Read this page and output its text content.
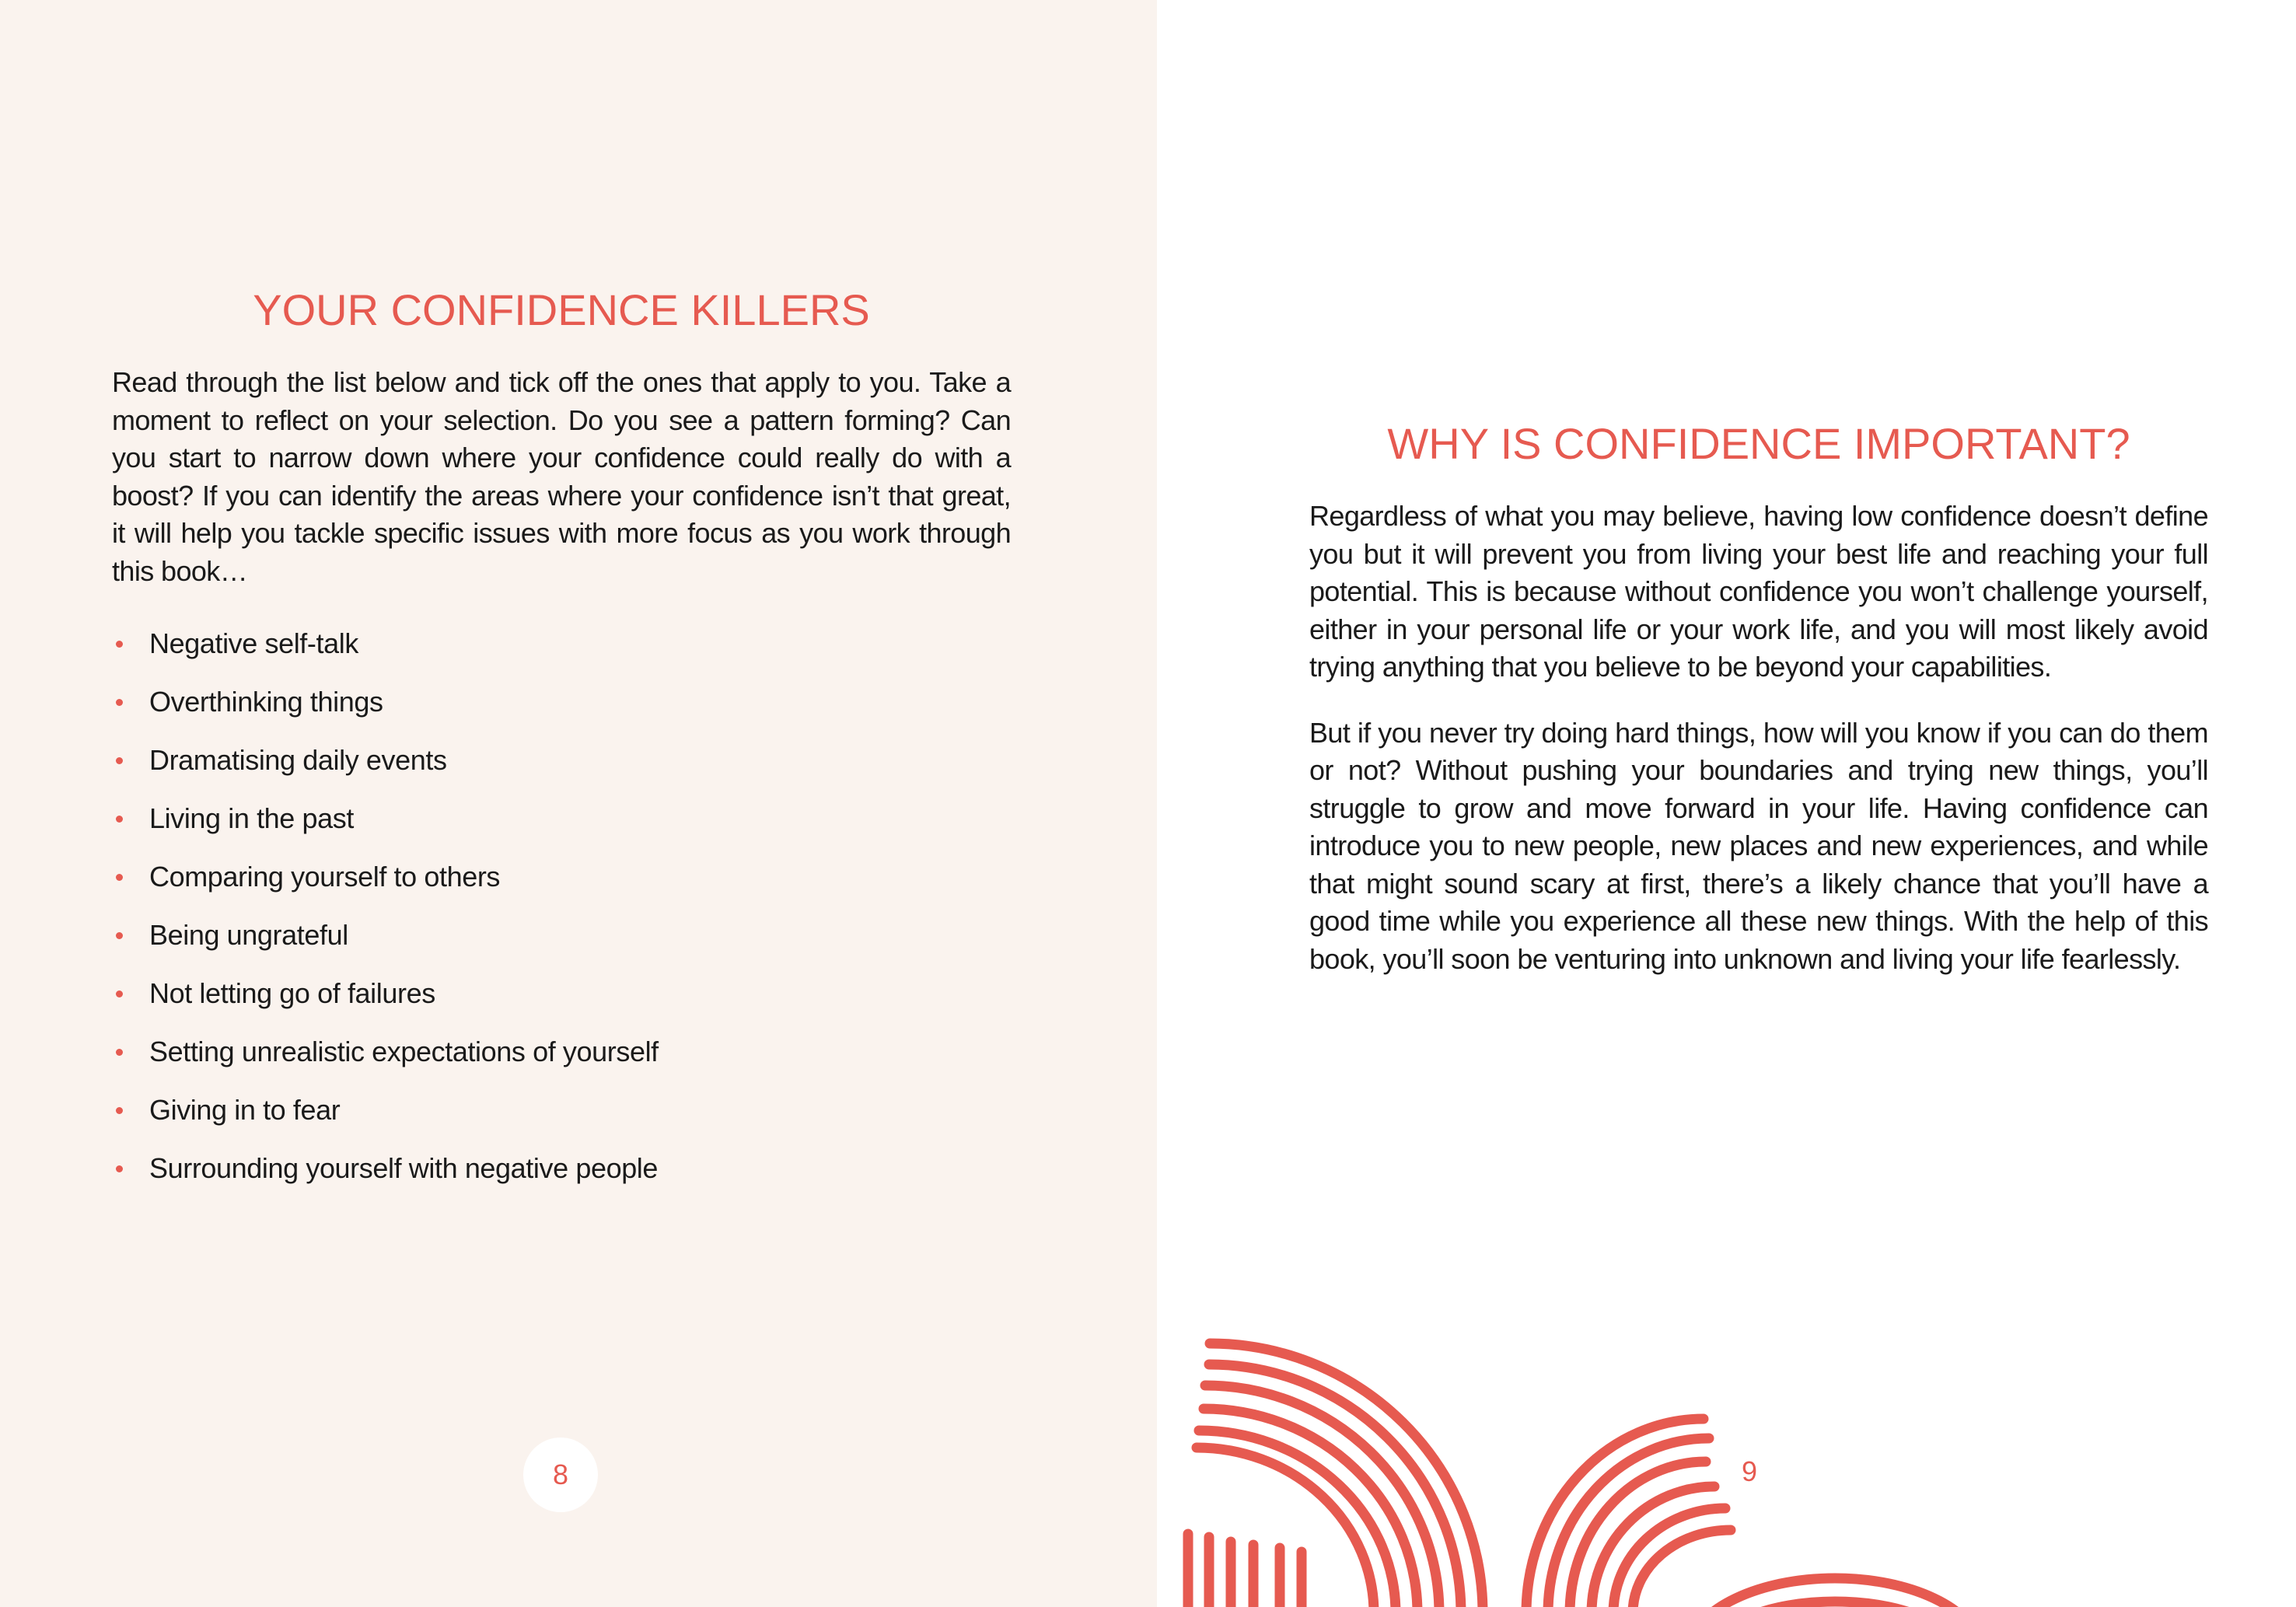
YOUR CONFIDENCE KILLERS

Read through the list below and tick off the ones that apply to you. Take a moment to reflect on your selection. Do you see a pattern forming? Can you start to narrow down where your confidence could really do with a boost? If you can identify the areas where your confidence isn’t that great, it will help you tackle specific issues with more focus as you work through this book…

Negative self-talk
Overthinking things
Dramatising daily events
Living in the past
Comparing yourself to others
Being ungrateful
Not letting go of failures
Setting unrealistic expectations of yourself
Giving in to fear
Surrounding yourself with negative people
8
WHY IS CONFIDENCE IMPORTANT?

Regardless of what you may believe, having low confidence doesn’t define you but it will prevent you from living your best life and reaching your full potential. This is because without confidence you won’t challenge yourself, either in your personal life or your work life, and you will most likely avoid trying anything that you believe to be beyond your capabilities.

But if you never try doing hard things, how will you know if you can do them or not? Without pushing your boundaries and trying new things, you’ll struggle to grow and move forward in your life. Having confidence can introduce you to new people, new places and new experiences, and while that might sound scary at first, there’s a likely chance that you’ll have a good time while you experience all these new things. With the help of this book, you’ll soon be venturing into unknown and living your life fearlessly.

9
